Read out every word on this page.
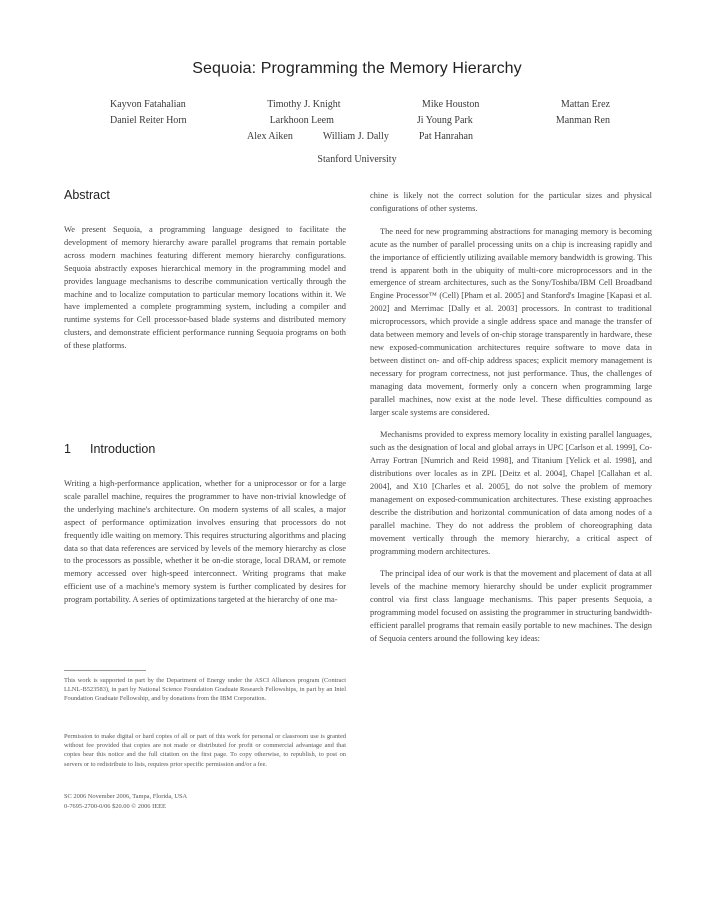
Sequoia: Programming the Memory Hierarchy
Kayvon Fatahalian	Timothy J. Knight	Mike Houston	Mattan Erez
Daniel Reiter Horn	Larkhoon Leem	Ji Young Park	Manman Ren
Alex Aiken	William J. Dally	Pat Hanrahan
Stanford University
Abstract

We present Sequoia, a programming language designed to facilitate the development of memory hierarchy aware parallel programs that remain portable across modern machines featuring different memory hierarchy configurations. Sequoia abstractly exposes hierarchical memory in the programming model and provides language mechanisms to describe communication vertically through the machine and to localize computation to particular memory locations within it. We have implemented a complete programming system, including a compiler and runtime systems for Cell processor-based blade systems and distributed memory clusters, and demonstrate efficient performance running Sequoia programs on both of these platforms.

1 Introduction

Writing a high-performance application, whether for a uniprocessor or for a large scale parallel machine, requires the programmer to have non-trivial knowledge of the underlying machine's architecture. On modern systems of all scales, a major aspect of performance optimization involves ensuring that processors do not frequently idle waiting on memory. This requires structuring algorithms and placing data so that data references are serviced by levels of the memory hierarchy as close to the processors as possible, whether it be on-die storage, local DRAM, or remote memory accessed over high-speed interconnect. Writing programs that make efficient use of a machine's memory system is further complicated by desires for program portability. A series of optimizations targeted at the hierarchy of one ma-

This work is supported in part by the Department of Energy under the ASCI Alliances program (Contract LLNL-B523583), in part by National Science Foundation Graduate Research Fellowships, in part by an Intel Foundation Graduate Fellowship, and by donations from the IBM Corporation.
Permission to make digital or hard copies of all or part of this work for personal or classroom use is granted without fee provided that copies are not made or distributed for profit or commercial advantage and that copies bear this notice and the full citation on the first page. To copy otherwise, to republish, to post on servers or to redistribute to lists, requires prior specific permission and/or a fee.
SC 2006 November 2006, Tampa, Florida, USA
0-7695-2700-0/06 $20.00 © 2006 IEEE

chine is likely not the correct solution for the particular sizes and physical configurations of other systems.

The need for new programming abstractions for managing memory is becoming acute as the number of parallel processing units on a chip is increasing rapidly and the importance of efficiently utilizing available memory bandwidth is growing. This trend is apparent both in the ubiquity of multi-core microprocessors and in the emergence of stream architectures, such as the Sony/Toshiba/IBM Cell Broadband Engine Processor™ (Cell) [Pham et al. 2005] and Stanford's Imagine [Kapasi et al. 2002] and Merrimac [Dally et al. 2003] processors. In contrast to traditional microprocessors, which provide a single address space and manage the transfer of data between memory and levels of on-chip storage transparently in hardware, these new exposed-communication architectures require software to move data in between distinct on- and off-chip address spaces; explicit memory management is necessary for program correctness, not just performance. Thus, the challenges of managing data movement, formerly only a concern when programming large parallel machines, now exist at the node level. These difficulties compound as larger scale systems are considered.

Mechanisms provided to express memory locality in existing parallel languages, such as the designation of local and global arrays in UPC [Carlson et al. 1999], Co-Array Fortran [Numrich and Reid 1998], and Titanium [Yelick et al. 1998], and distributions over locales as in ZPL [Deitz et al. 2004], Chapel [Callahan et al. 2004], and X10 [Charles et al. 2005], do not solve the problem of memory management on exposed-communication architectures. These existing approaches describe the distribution and horizontal communication of data among nodes of a parallel machine. They do not address the problem of choreographing data movement vertically through the memory hierarchy, a critical aspect of programming modern architectures.

The principal idea of our work is that the movement and placement of data at all levels of the machine memory hierarchy should be under explicit programmer control via first class language mechanisms. This paper presents Sequoia, a programming model focused on assisting the programmer in structuring bandwidth-efficient parallel programs that remain easily portable to new machines. The design of Sequoia centers around the following key ideas:
